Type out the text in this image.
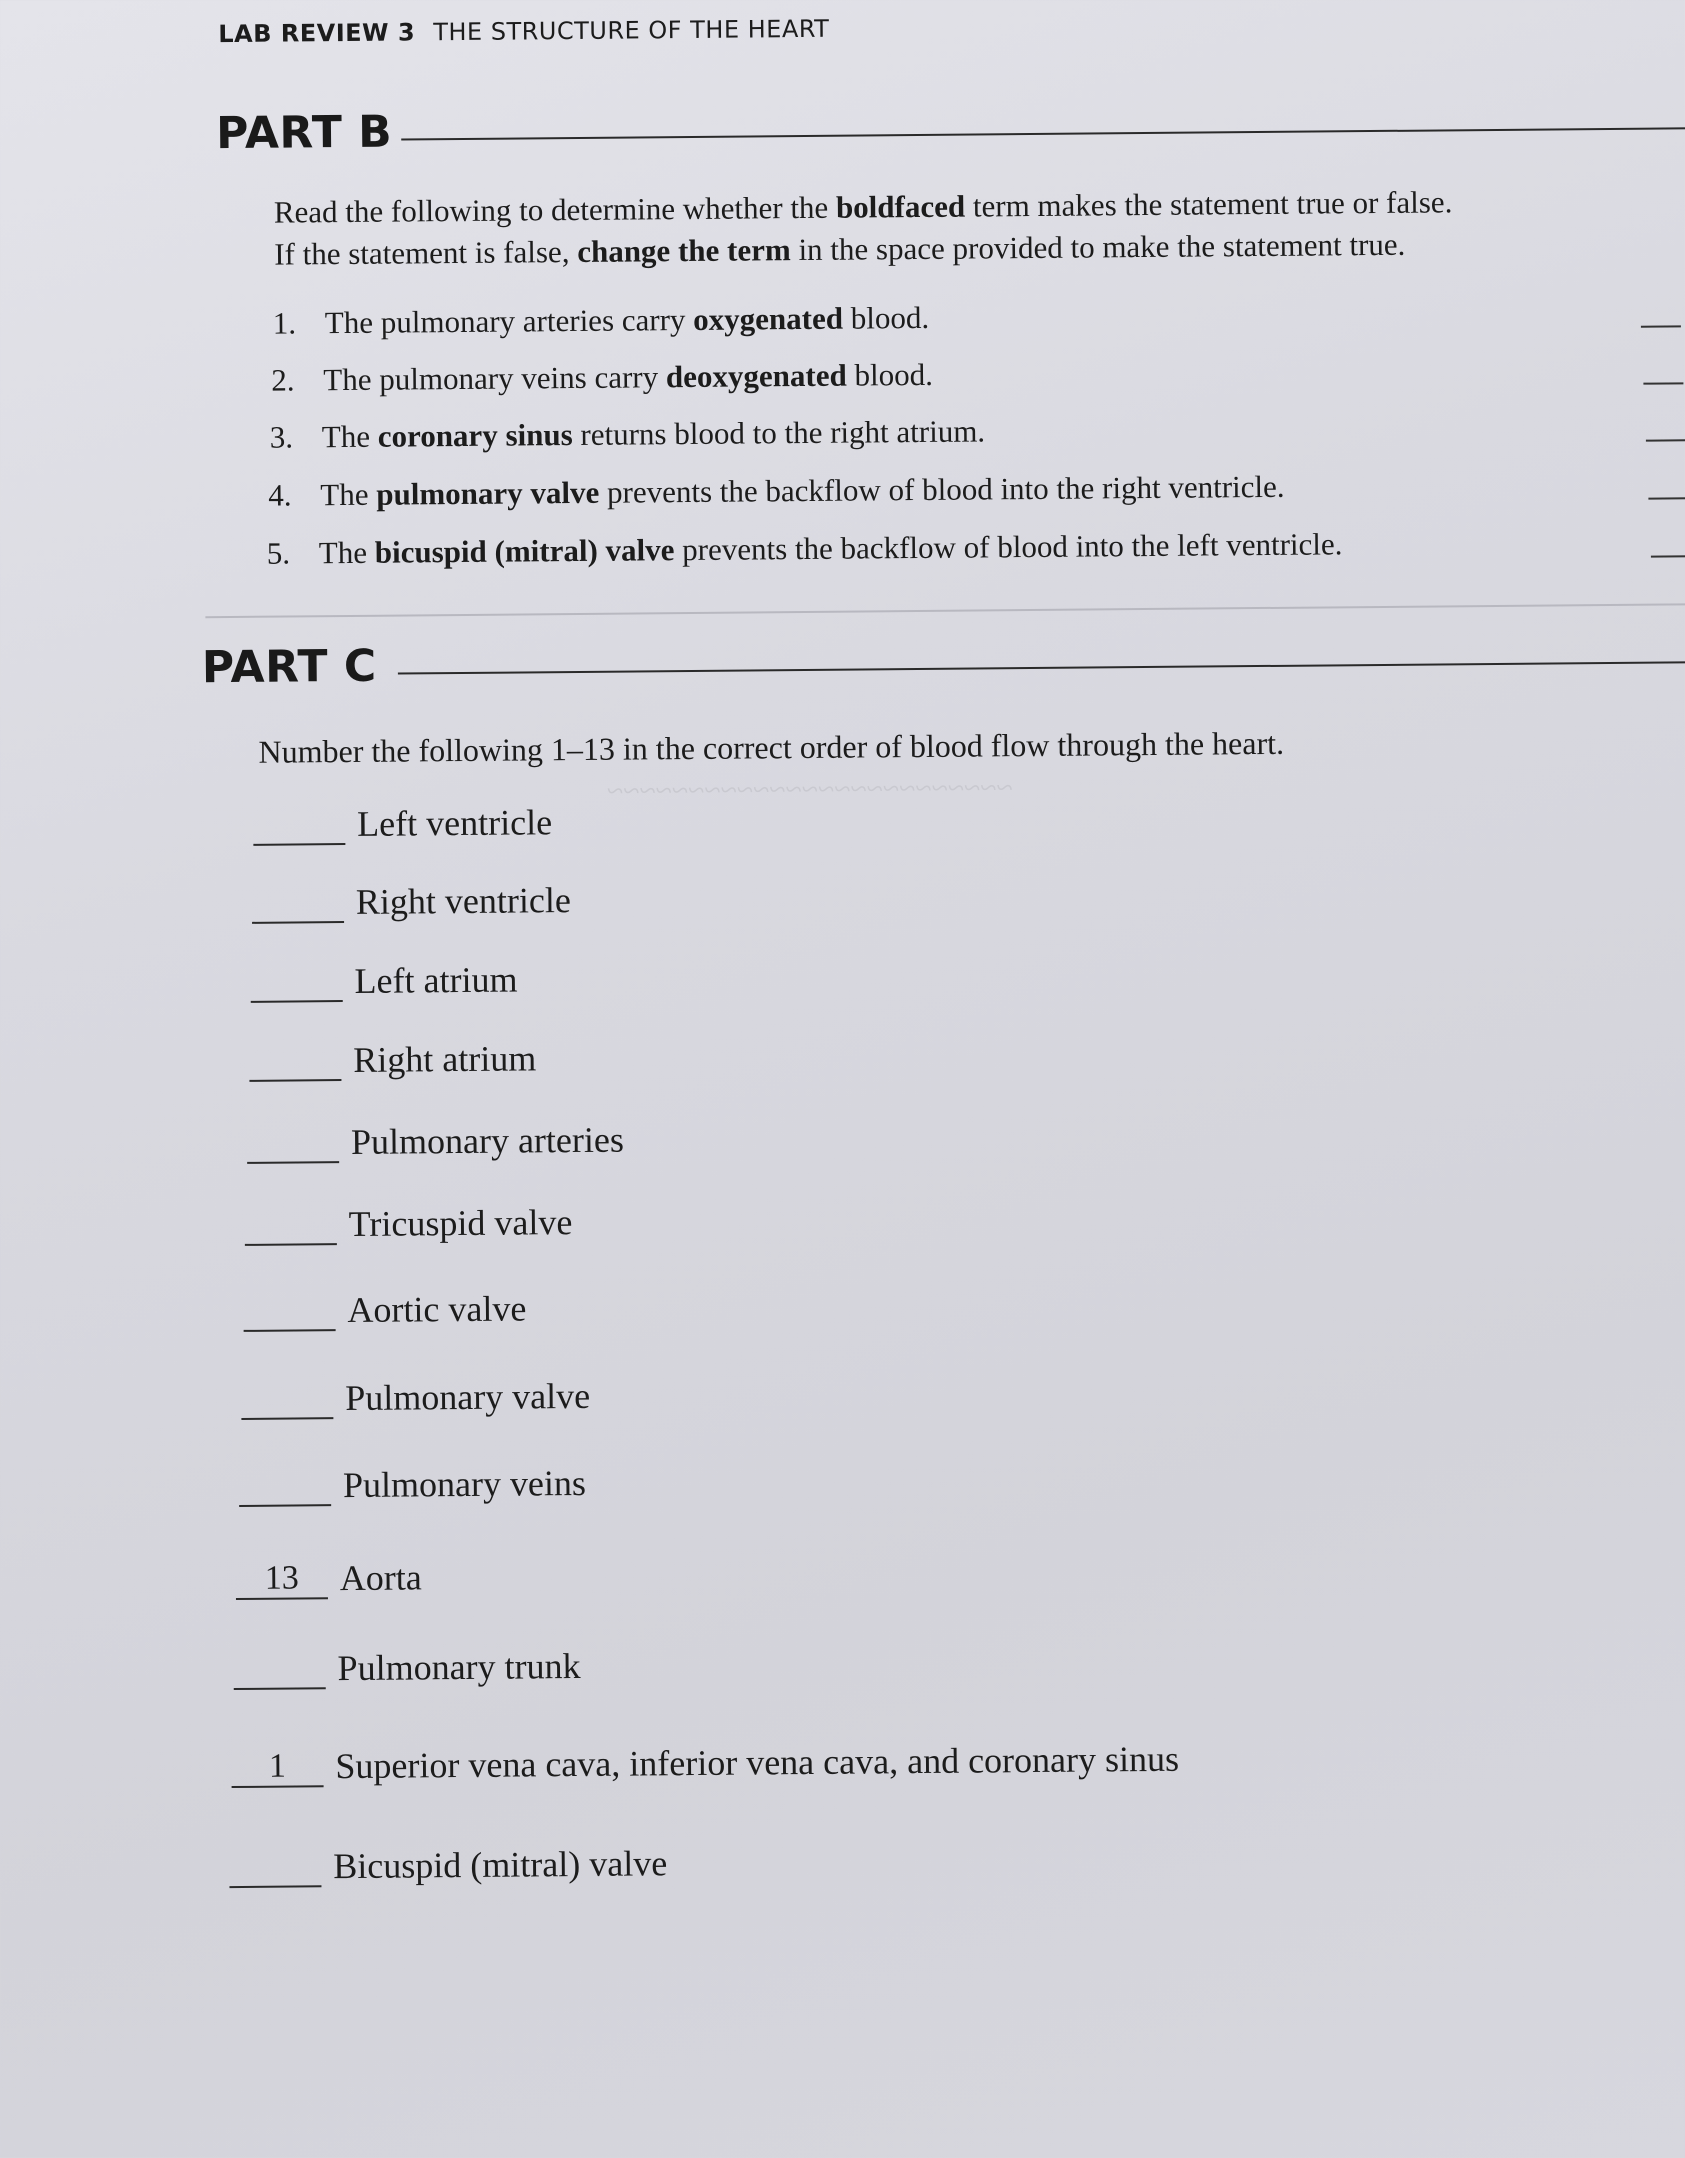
~~~~~~~~~~~~~~~~~~~~~~~~~
LAB REVIEW 3 THE STRUCTURE OF THE HEART
PART B
Read the following to determine whether the boldfaced term makes the statement true or false.
If the statement is false, change the term in the space provided to make the statement true.
1. The pulmonary arteries carry oxygenated blood.
2. The pulmonary veins carry deoxygenated blood.
3. The coronary sinus returns blood to the right atrium.
4. The pulmonary valve prevents the backflow of blood into the right ventricle.
5. The bicuspid (mitral) valve prevents the backflow of blood into the left ventricle.
PART C
Number the following 1–13 in the correct order of blood flow through the heart.
Left ventricle
Right ventricle
Left atrium
Right atrium
Pulmonary arteries
Tricuspid valve
Aortic valve
Pulmonary valve
Pulmonary veins
13	Aorta
Pulmonary trunk
1	Superior vena cava, inferior vena cava, and coronary sinus
Bicuspid (mitral) valve
